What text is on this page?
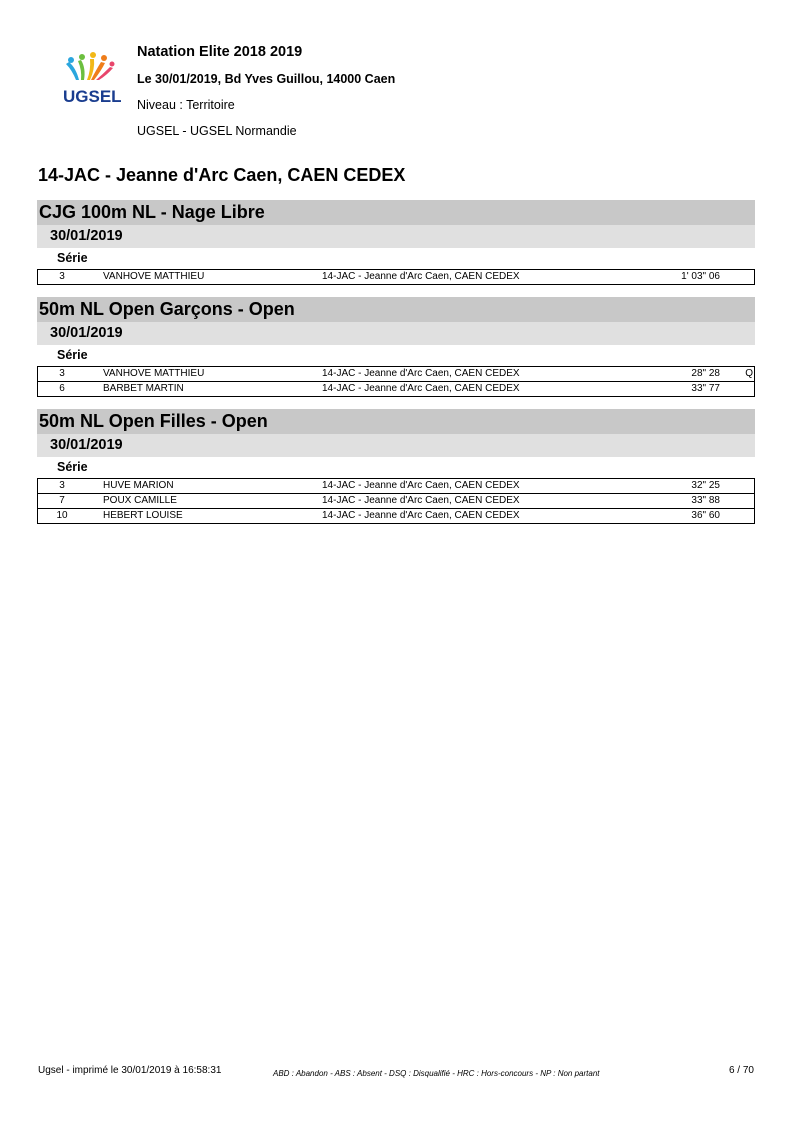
UGSEL
Natation Elite 2018 2019
Le 30/01/2019, Bd Yves Guillou, 14000 Caen
Niveau : Territoire
UGSEL - UGSEL Normandie
14-JAC - Jeanne d'Arc Caen, CAEN CEDEX
CJG 100m NL - Nage Libre
30/01/2019
Série
3	VANHOVE MATTHIEU	14-JAC - Jeanne d'Arc Caen, CAEN CEDEX	1' 03" 06
50m NL Open Garçons - Open
30/01/2019
Série
3	VANHOVE MATTHIEU	14-JAC - Jeanne d'Arc Caen, CAEN CEDEX	28" 28	Q
6	BARBET MARTIN	14-JAC - Jeanne d'Arc Caen, CAEN CEDEX	33" 77
50m NL Open Filles - Open
30/01/2019
Série
3	HUVE MARION	14-JAC - Jeanne d'Arc Caen, CAEN CEDEX	32" 25
7	POUX CAMILLE	14-JAC - Jeanne d'Arc Caen, CAEN CEDEX	33" 88
10	HEBERT LOUISE	14-JAC - Jeanne d'Arc Caen, CAEN CEDEX	36" 60
Ugsel - imprimé le 30/01/2019 à 16:58:31	ABD : Abandon - ABS : Absent - DSQ : Disqualifié - HRC : Hors-concours - NP : Non partant	6 / 70
